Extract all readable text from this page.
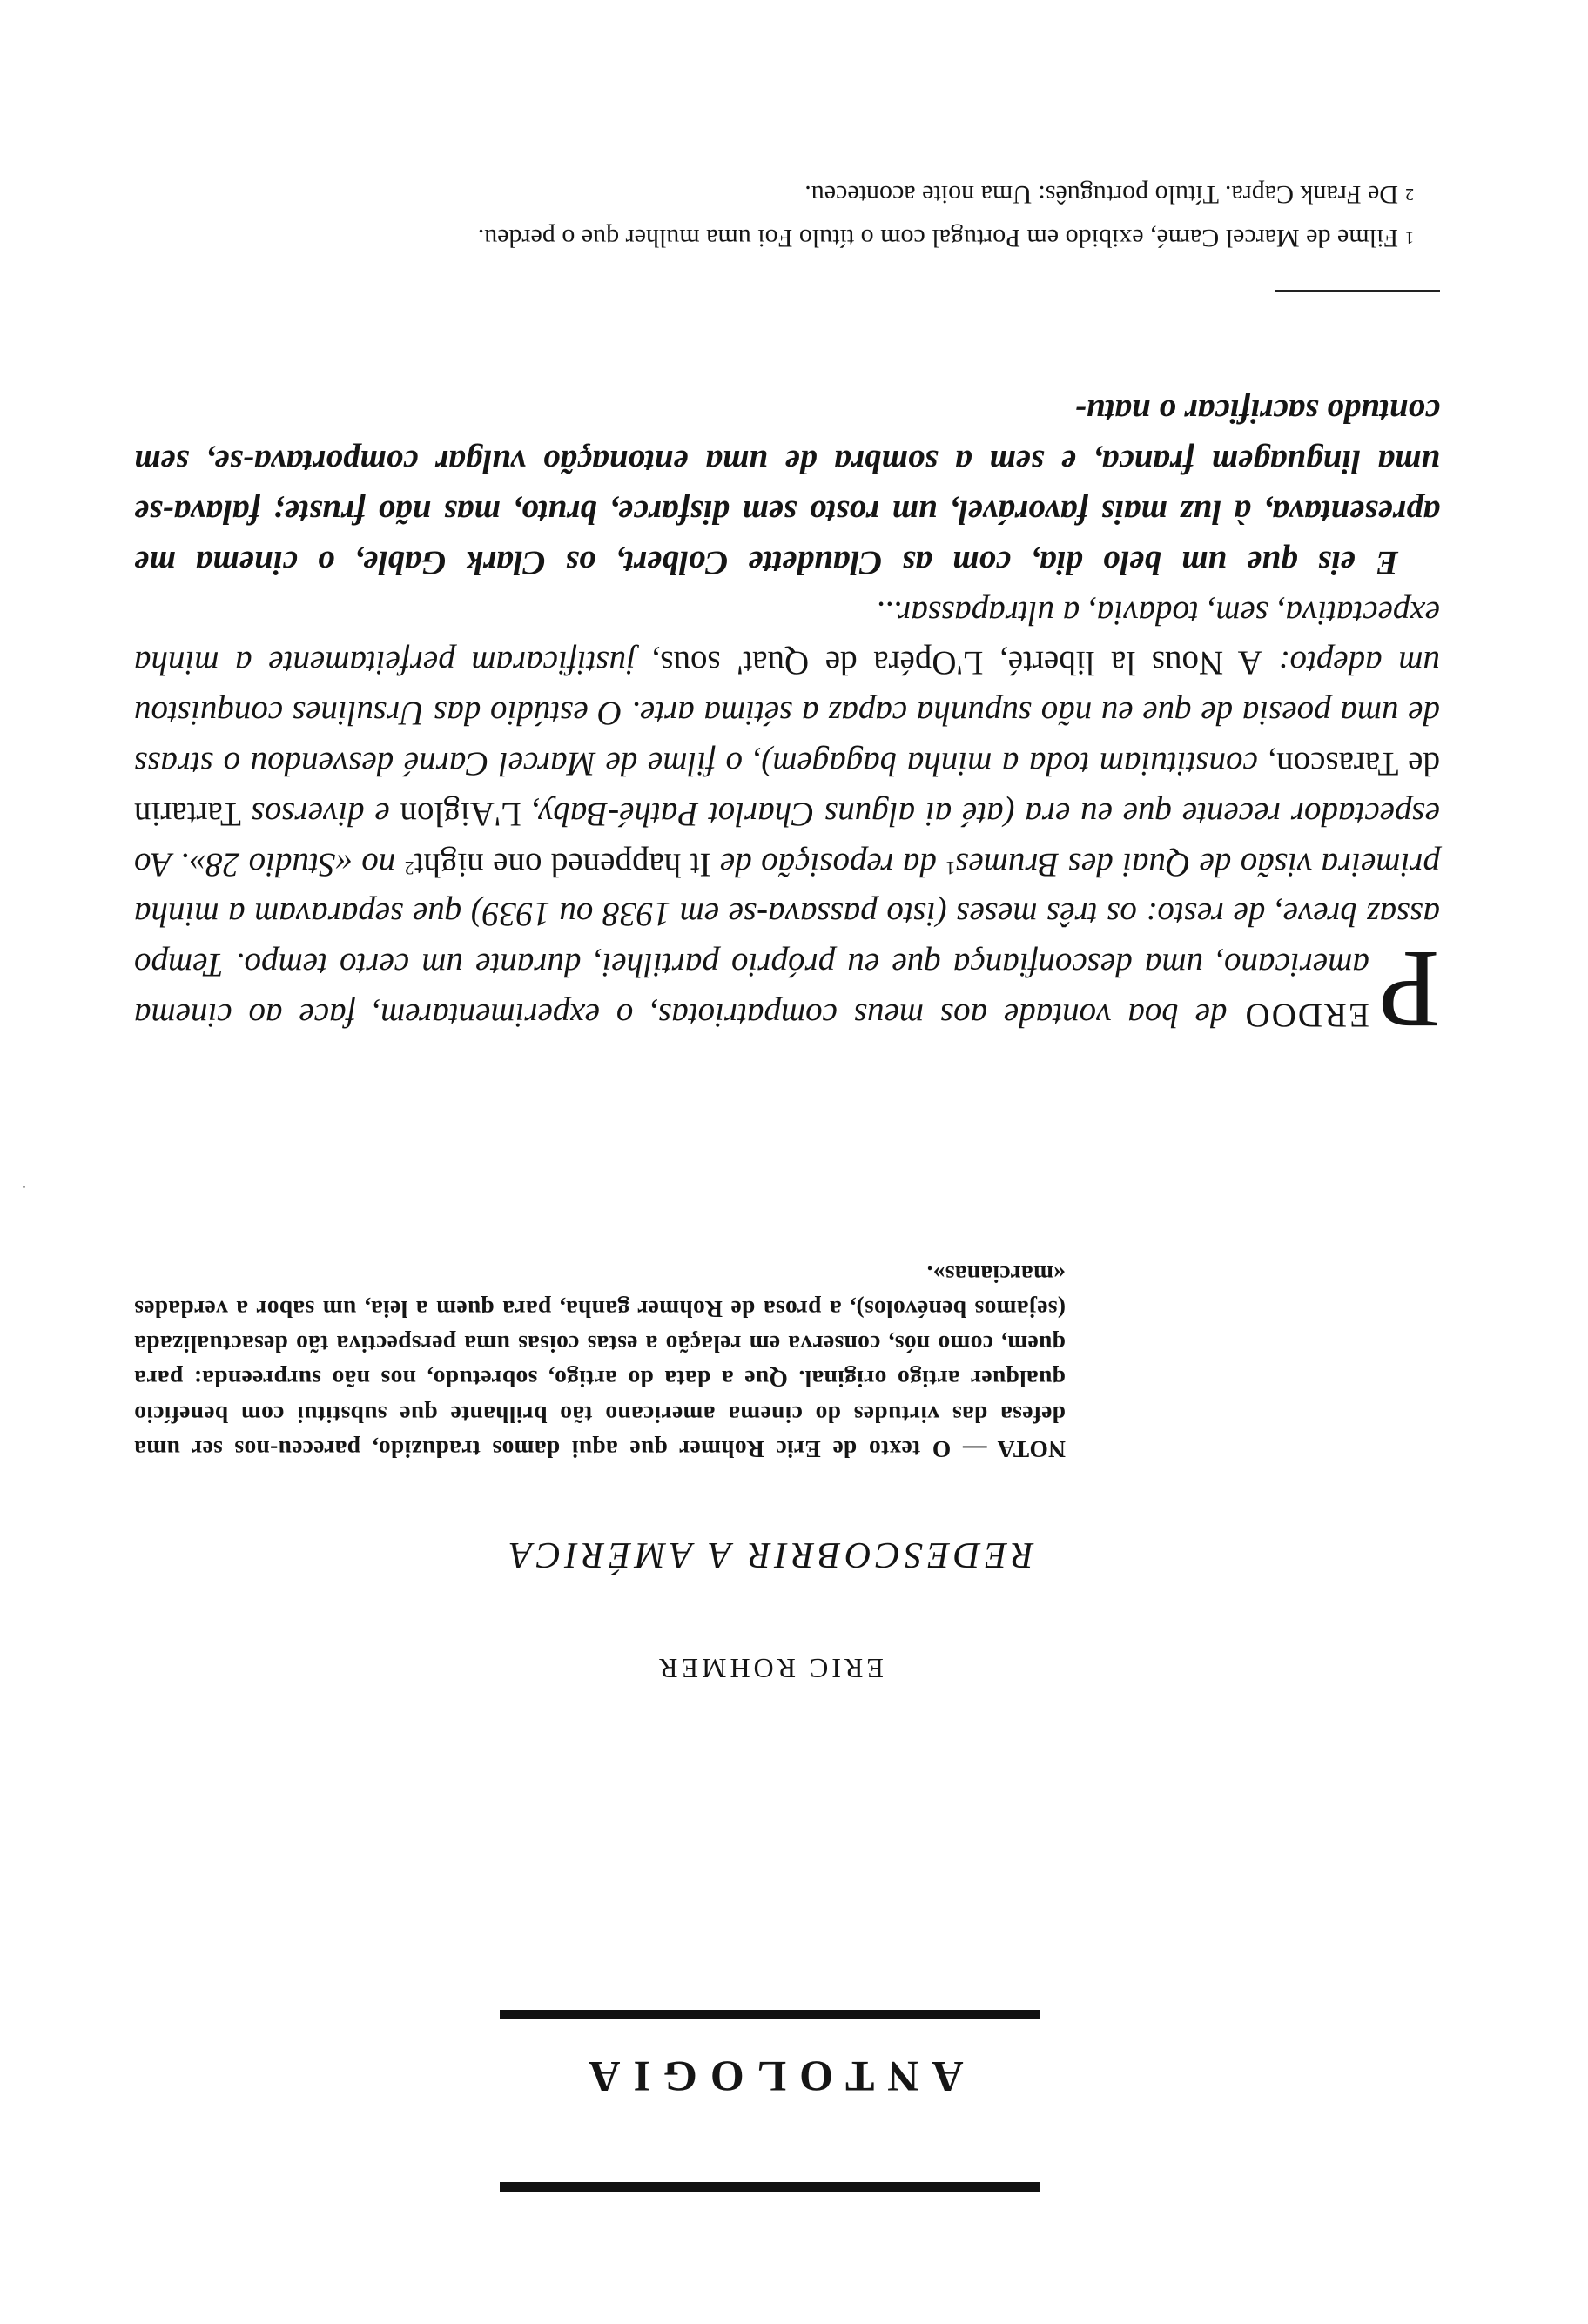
ANTOLOGIA
ERIC ROHMER
REDESCOBRIR A AMÉRICA
NOTA — O texto de Eric Rohmer que aqui damos traduzido, pareceu-nos ser uma defesa das virtudes do cinema americano tão brilhante que substitui com benefício qualquer artigo original. Que a data do artigo, sobretudo, nos não surpreenda: para quem, como nós, conserva em relação a estas coisas uma perspectiva tão desactualizada (sejamos benévolos), a prosa de Rohmer ganha, para quem a leia, um sabor a verdades «marcianas».

P
ERDOO de boa vontade aos meus compatriotas, o experimentarem, face ao cinema americano, uma desconfiança que eu próprio partilhei, durante um certo tempo. Tempo assaz breve, de resto: os três meses (isto passava-se em 1938 ou 1939) que separavam a minha primeira visão de Quai des Brumes$^1$ da reposição de It happened one night$^2$ no «Studio 28». Ao espectador recente que eu era (até ai alguns Charlot Pathé-Baby, L'Aiglon e diversos Tartarin de Tarascon, constituiam toda a minha bagagem), o filme de Marcel Carné desvendou o strass de uma poesia de que eu não supunha capaz a sétima arte. O estúdio das Ursulines conquistou um adepto: A Nous la liberté, L'Opéra de Quat' sous, justificaram perfeitamente a minha expectativa, sem, todavia, a ultrapassar...

E eis que um belo dia, com as Claudette Colbert, os Clark Gable, o cinema me apresentava, à luz mais favorável, um rosto sem disfarce, bruto, mas não fruste; falava-se uma linguagem franca, e sem a sombra de uma entonação vulgar comportava-se, sem contudo sacrificar o natu-

$^1$Filme de Marcel Carné, exibido em Portugal com o título Foi uma mulher que o perdeu.

$^2$De Frank Capra. Título português: Uma noite aconteceu.
